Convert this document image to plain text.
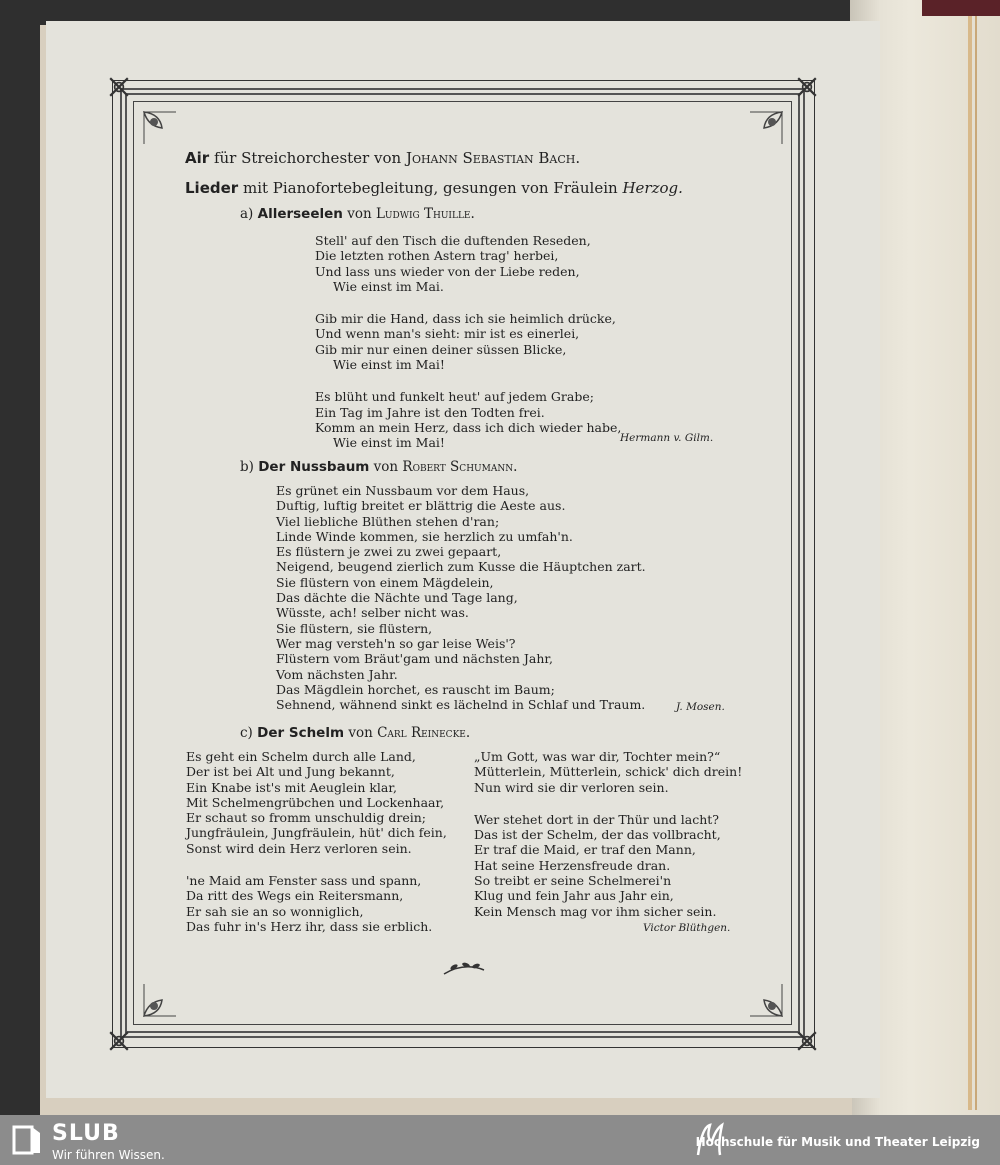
Air für Streichorchester von Johann Sebastian Bach.
Lieder mit Pianofortebegleitung, gesungen von Fräulein Herzog.
a) Allerseelen von Ludwig Thuille.
Stell' auf den Tisch die duftenden Reseden,
Die letzten rothen Astern trag' herbei,
Und lass uns wieder von der Liebe reden,
Wie einst im Mai.
Gib mir die Hand, dass ich sie heimlich drücke,
Und wenn man's sieht: mir ist es einerlei,
Gib mir nur einen deiner süssen Blicke,
Wie einst im Mai!
Es blüht und funkelt heut' auf jedem Grabe;
Ein Tag im Jahre ist den Todten frei.
Komm an mein Herz, dass ich dich wieder habe,
Wie einst im Mai!	Hermann v. Gilm.
b) Der Nussbaum von Robert Schumann.
Es grünet ein Nussbaum vor dem Haus,
Duftig, luftig breitet er blättrig die Aeste aus.
Viel liebliche Blüthen stehen d'ran;
Linde Winde kommen, sie herzlich zu umfah'n.
Es flüstern je zwei zu zwei gepaart,
Neigend, beugend zierlich zum Kusse die Häuptchen zart.
Sie flüstern von einem Mägdelein,
Das dächte die Nächte und Tage lang,
Wüsste, ach! selber nicht was.
Sie flüstern, sie flüstern,
Wer mag versteh'n so gar leise Weis'?
Flüstern vom Bräut'gam und nächsten Jahr,
Vom nächsten Jahr.
Das Mägdlein horchet, es rauscht im Baum;
Sehnend, wähnend sinkt es lächelnd in Schlaf und Traum.	J. Mosen.
c) Der Schelm von Carl Reinecke.
Es geht ein Schelm durch alle Land,
Der ist bei Alt und Jung bekannt,
Ein Knabe ist's mit Aeuglein klar,
Mit Schelmengrübchen und Lockenhaar,
Er schaut so fromm unschuldig drein;
Jungfräulein, Jungfräulein, hüt' dich fein,
Sonst wird dein Herz verloren sein.
'ne Maid am Fenster sass und spann,
Da ritt des Wegs ein Reitersmann,
Er sah sie an so wonniglich,
Das fuhr in's Herz ihr, dass sie erblich.
„Um Gott, was war dir, Tochter mein?“
Mütterlein, Mütterlein, schick' dich drein!
Nun wird sie dir verloren sein.
Wer stehet dort in der Thür und lacht?
Das ist der Schelm, der das vollbracht,
Er traf die Maid, er traf den Mann,
Hat seine Herzensfreude dran.
So treibt er seine Schelmerei'n
Klug und fein Jahr aus Jahr ein,
Kein Mensch mag vor ihm sicher sein.
Victor Blüthgen.
SLUB
Wir führen Wissen.
Hochschule für Musik und Theater Leipzig
